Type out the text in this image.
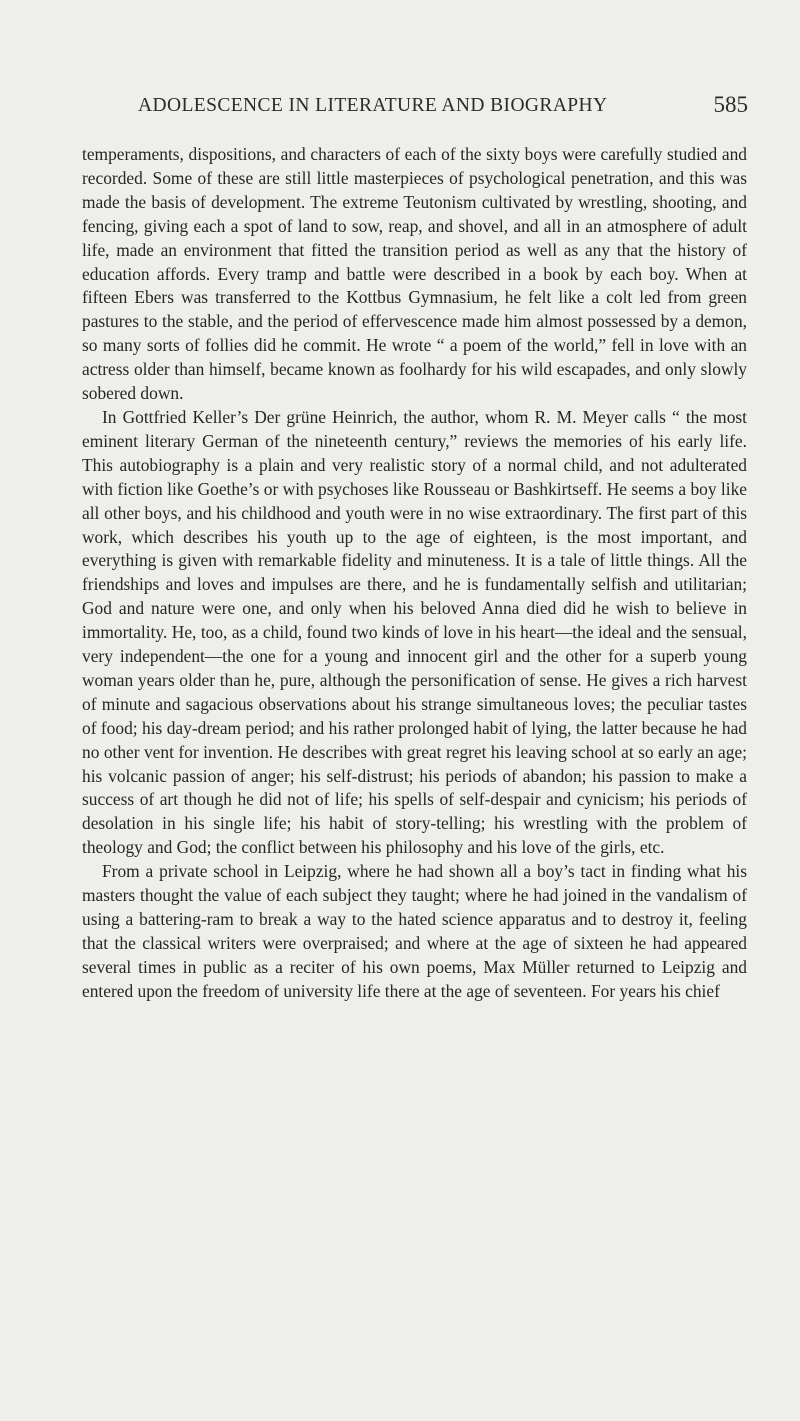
ADOLESCENCE IN LITERATURE AND BIOGRAPHY	585

temperaments, dispositions, and characters of each of the sixty boys were carefully studied and recorded. Some of these are still little masterpieces of psychological penetration, and this was made the basis of development. The extreme Teutonism cultivated by wrestling, shooting, and fencing, giving each a spot of land to sow, reap, and shovel, and all in an atmosphere of adult life, made an environment that fitted the transition period as well as any that the history of education affords. Every tramp and battle were described in a book by each boy. When at fifteen Ebers was transferred to the Kottbus Gymnasium, he felt like a colt led from green pastures to the stable, and the period of effervescence made him almost possessed by a demon, so many sorts of follies did he commit. He wrote “ a poem of the world,” fell in love with an actress older than himself, became known as foolhardy for his wild escapades, and only slowly sobered down.

In Gottfried Keller’s Der grüne Heinrich, the author, whom R. M. Meyer calls “ the most eminent literary German of the nineteenth century,” reviews the memories of his early life. This autobiography is a plain and very realistic story of a normal child, and not adulterated with fiction like Goethe’s or with psychoses like Rousseau or Bashkirtseff. He seems a boy like all other boys, and his childhood and youth were in no wise extraordinary. The first part of this work, which describes his youth up to the age of eighteen, is the most important, and everything is given with remarkable fidelity and minuteness. It is a tale of little things. All the friendships and loves and impulses are there, and he is fundamentally selfish and utilitarian; God and nature were one, and only when his beloved Anna died did he wish to believe in immortality. He, too, as a child, found two kinds of love in his heart—the ideal and the sensual, very independent—the one for a young and innocent girl and the other for a superb young woman years older than he, pure, although the personification of sense. He gives a rich harvest of minute and sagacious observations about his strange simultaneous loves; the peculiar tastes of food; his day-dream period; and his rather prolonged habit of lying, the latter because he had no other vent for invention. He describes with great regret his leaving school at so early an age; his volcanic passion of anger; his self-distrust; his periods of abandon; his passion to make a success of art though he did not of life; his spells of self-despair and cynicism; his periods of desolation in his single life; his habit of story-telling; his wrestling with the problem of theology and God; the conflict between his philosophy and his love of the girls, etc.

From a private school in Leipzig, where he had shown all a boy’s tact in finding what his masters thought the value of each subject they taught; where he had joined in the vandalism of using a battering-ram to break a way to the hated science apparatus and to destroy it, feeling that the classical writers were overpraised; and where at the age of sixteen he had appeared several times in public as a reciter of his own poems, Max Müller returned to Leipzig and entered upon the freedom of university life there at the age of seventeen. For years his chief
